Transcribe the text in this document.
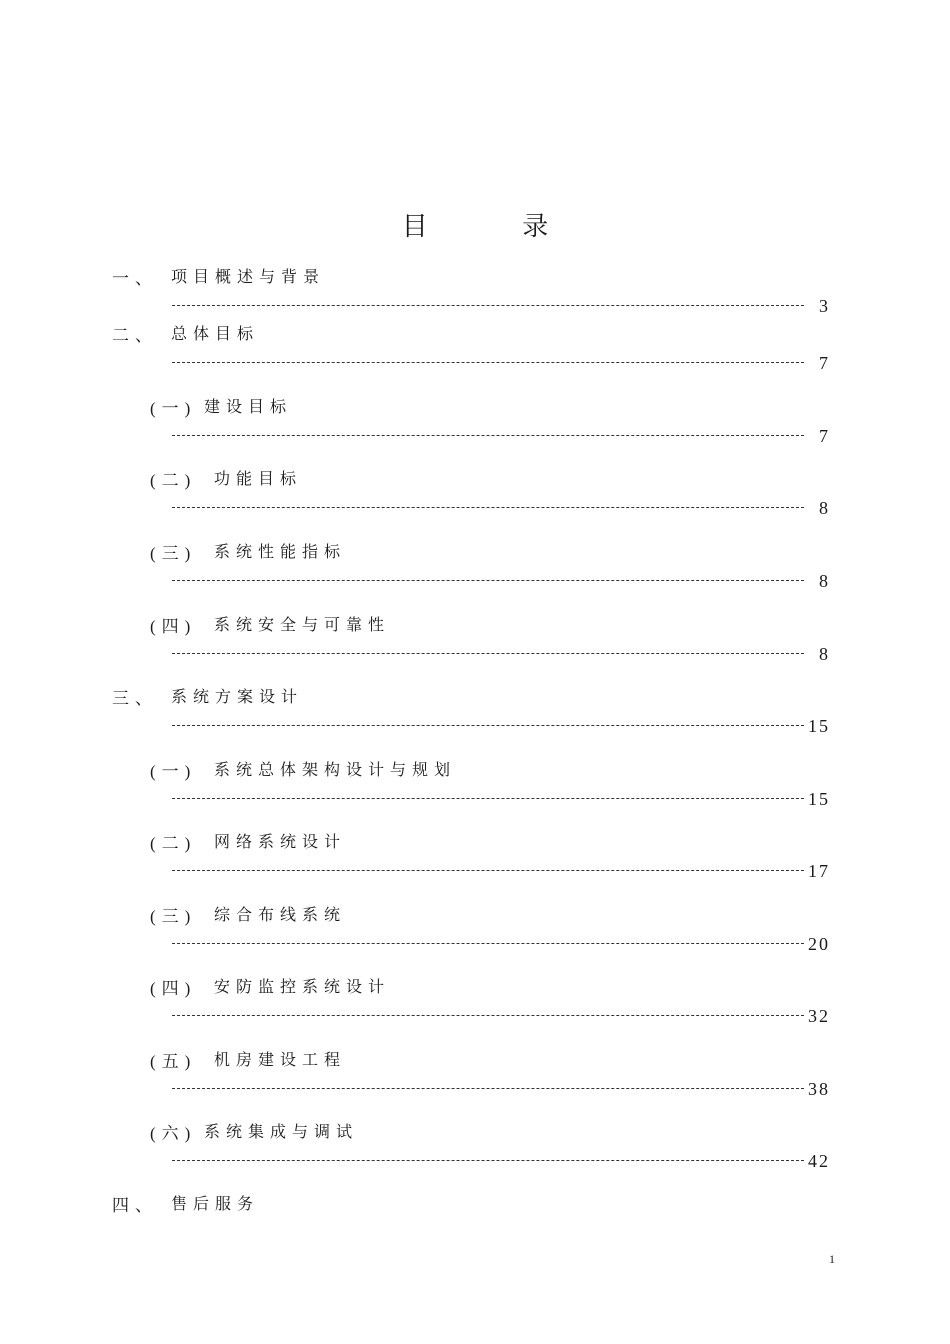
目 录
一、 项目概述与背景
3
二、 总体目标
7
(一) 建设目标
7
(二) 功能目标
8
(三) 系统性能指标
8
(四) 系统安全与可靠性
8
三、 系统方案设计
15
(一) 系统总体架构设计与规划
15
(二) 网络系统设计
17
(三) 综合布线系统
20
(四) 安防监控系统设计
32
(五) 机房建设工程
38
(六) 系统集成与调试
42
四、 售后服务
1
